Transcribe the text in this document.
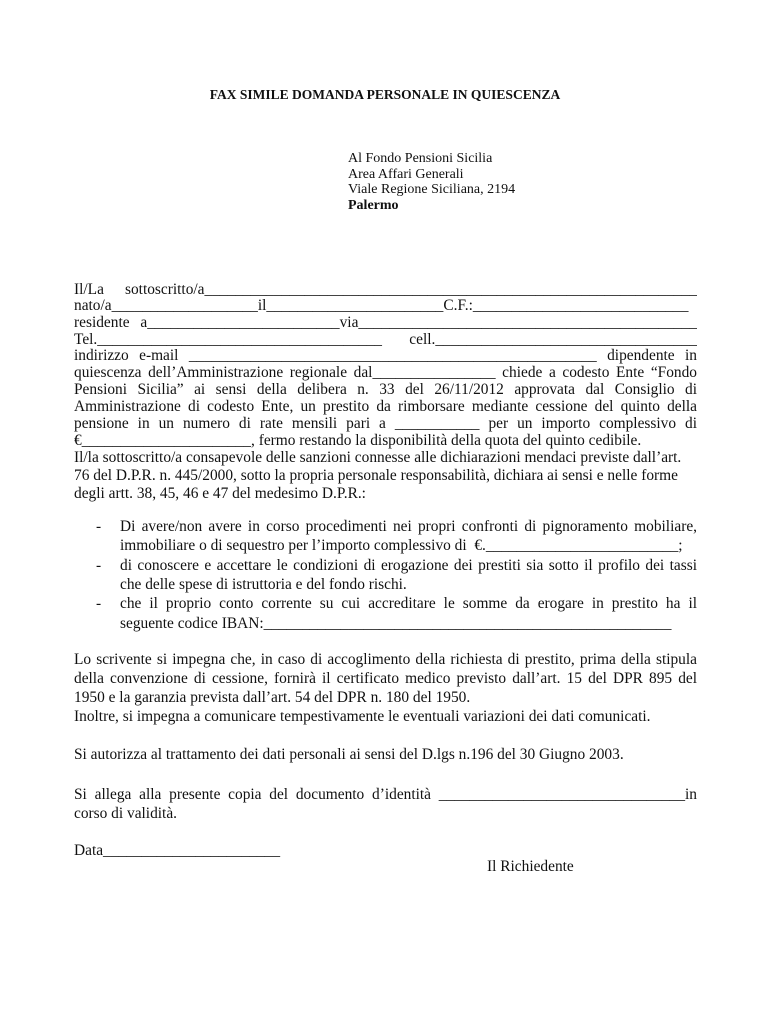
FAX SIMILE DOMANDA PERSONALE IN QUIESCENZA
Al Fondo Pensioni Sicilia
Area Affari Generali
Viale Regione Siciliana, 2194
Palermo
Il/La sottoscritto/a________________________________________________________________
nato/a___________________il_______________________C.F.:____________________________
residente a_________________________via____________________________________________
Tel._____________________________________ cell.__________________________________
indirizzo e-mail _____________________________________________________ dipendente in
quiescenza dell’Amministrazione regionale dal________________ chiede a codesto Ente “Fondo
Pensioni Sicilia” ai sensi della delibera n. 33 del 26/11/2012 approvata dal Consiglio di
Amministrazione di codesto Ente, un prestito da rimborsare mediante cessione del quinto della
pensione in un numero di rate mensili pari a ___________ per un importo complessivo di
€______________________, fermo restando la disponibilità della quota del quinto cedibile.
Il/la sottoscritto/a consapevole delle sanzioni connesse alle dichiarazioni mendaci previste dall’art.
76 del D.P.R. n. 445/2000, sotto la propria personale responsabilità, dichiara ai sensi e nelle forme
degli artt. 38, 45, 46 e 47 del medesimo D.P.R.:
- Di avere/non avere in corso procedimenti nei propri confronti di pignoramento mobiliare,
immobiliare o di sequestro per l’importo complessivo di  €._________________________;
- di conoscere e accettare le condizioni di erogazione dei prestiti sia sotto il profilo dei tassi
che delle spese di istruttoria e del fondo rischi.
- che il proprio conto corrente su cui accreditare le somme da erogare in prestito ha il
seguente codice IBAN:_____________________________________________________
Lo scrivente si impegna che, in caso di accoglimento della richiesta di prestito, prima della stipula
della convenzione di cessione, fornirà il certificato medico previsto dall’art. 15 del DPR 895 del
1950 e la garanzia prevista dall’art. 54 del DPR n. 180 del 1950.
Inoltre, si impegna a comunicare tempestivamente le eventuali variazioni dei dati comunicati.
Si autorizza al trattamento dei dati personali ai sensi del D.lgs n.196 del 30 Giugno 2003.
Si allega alla presente copia del documento d’identità ________________________________in
corso di validità.
Data_______________________
Il Richiedente
